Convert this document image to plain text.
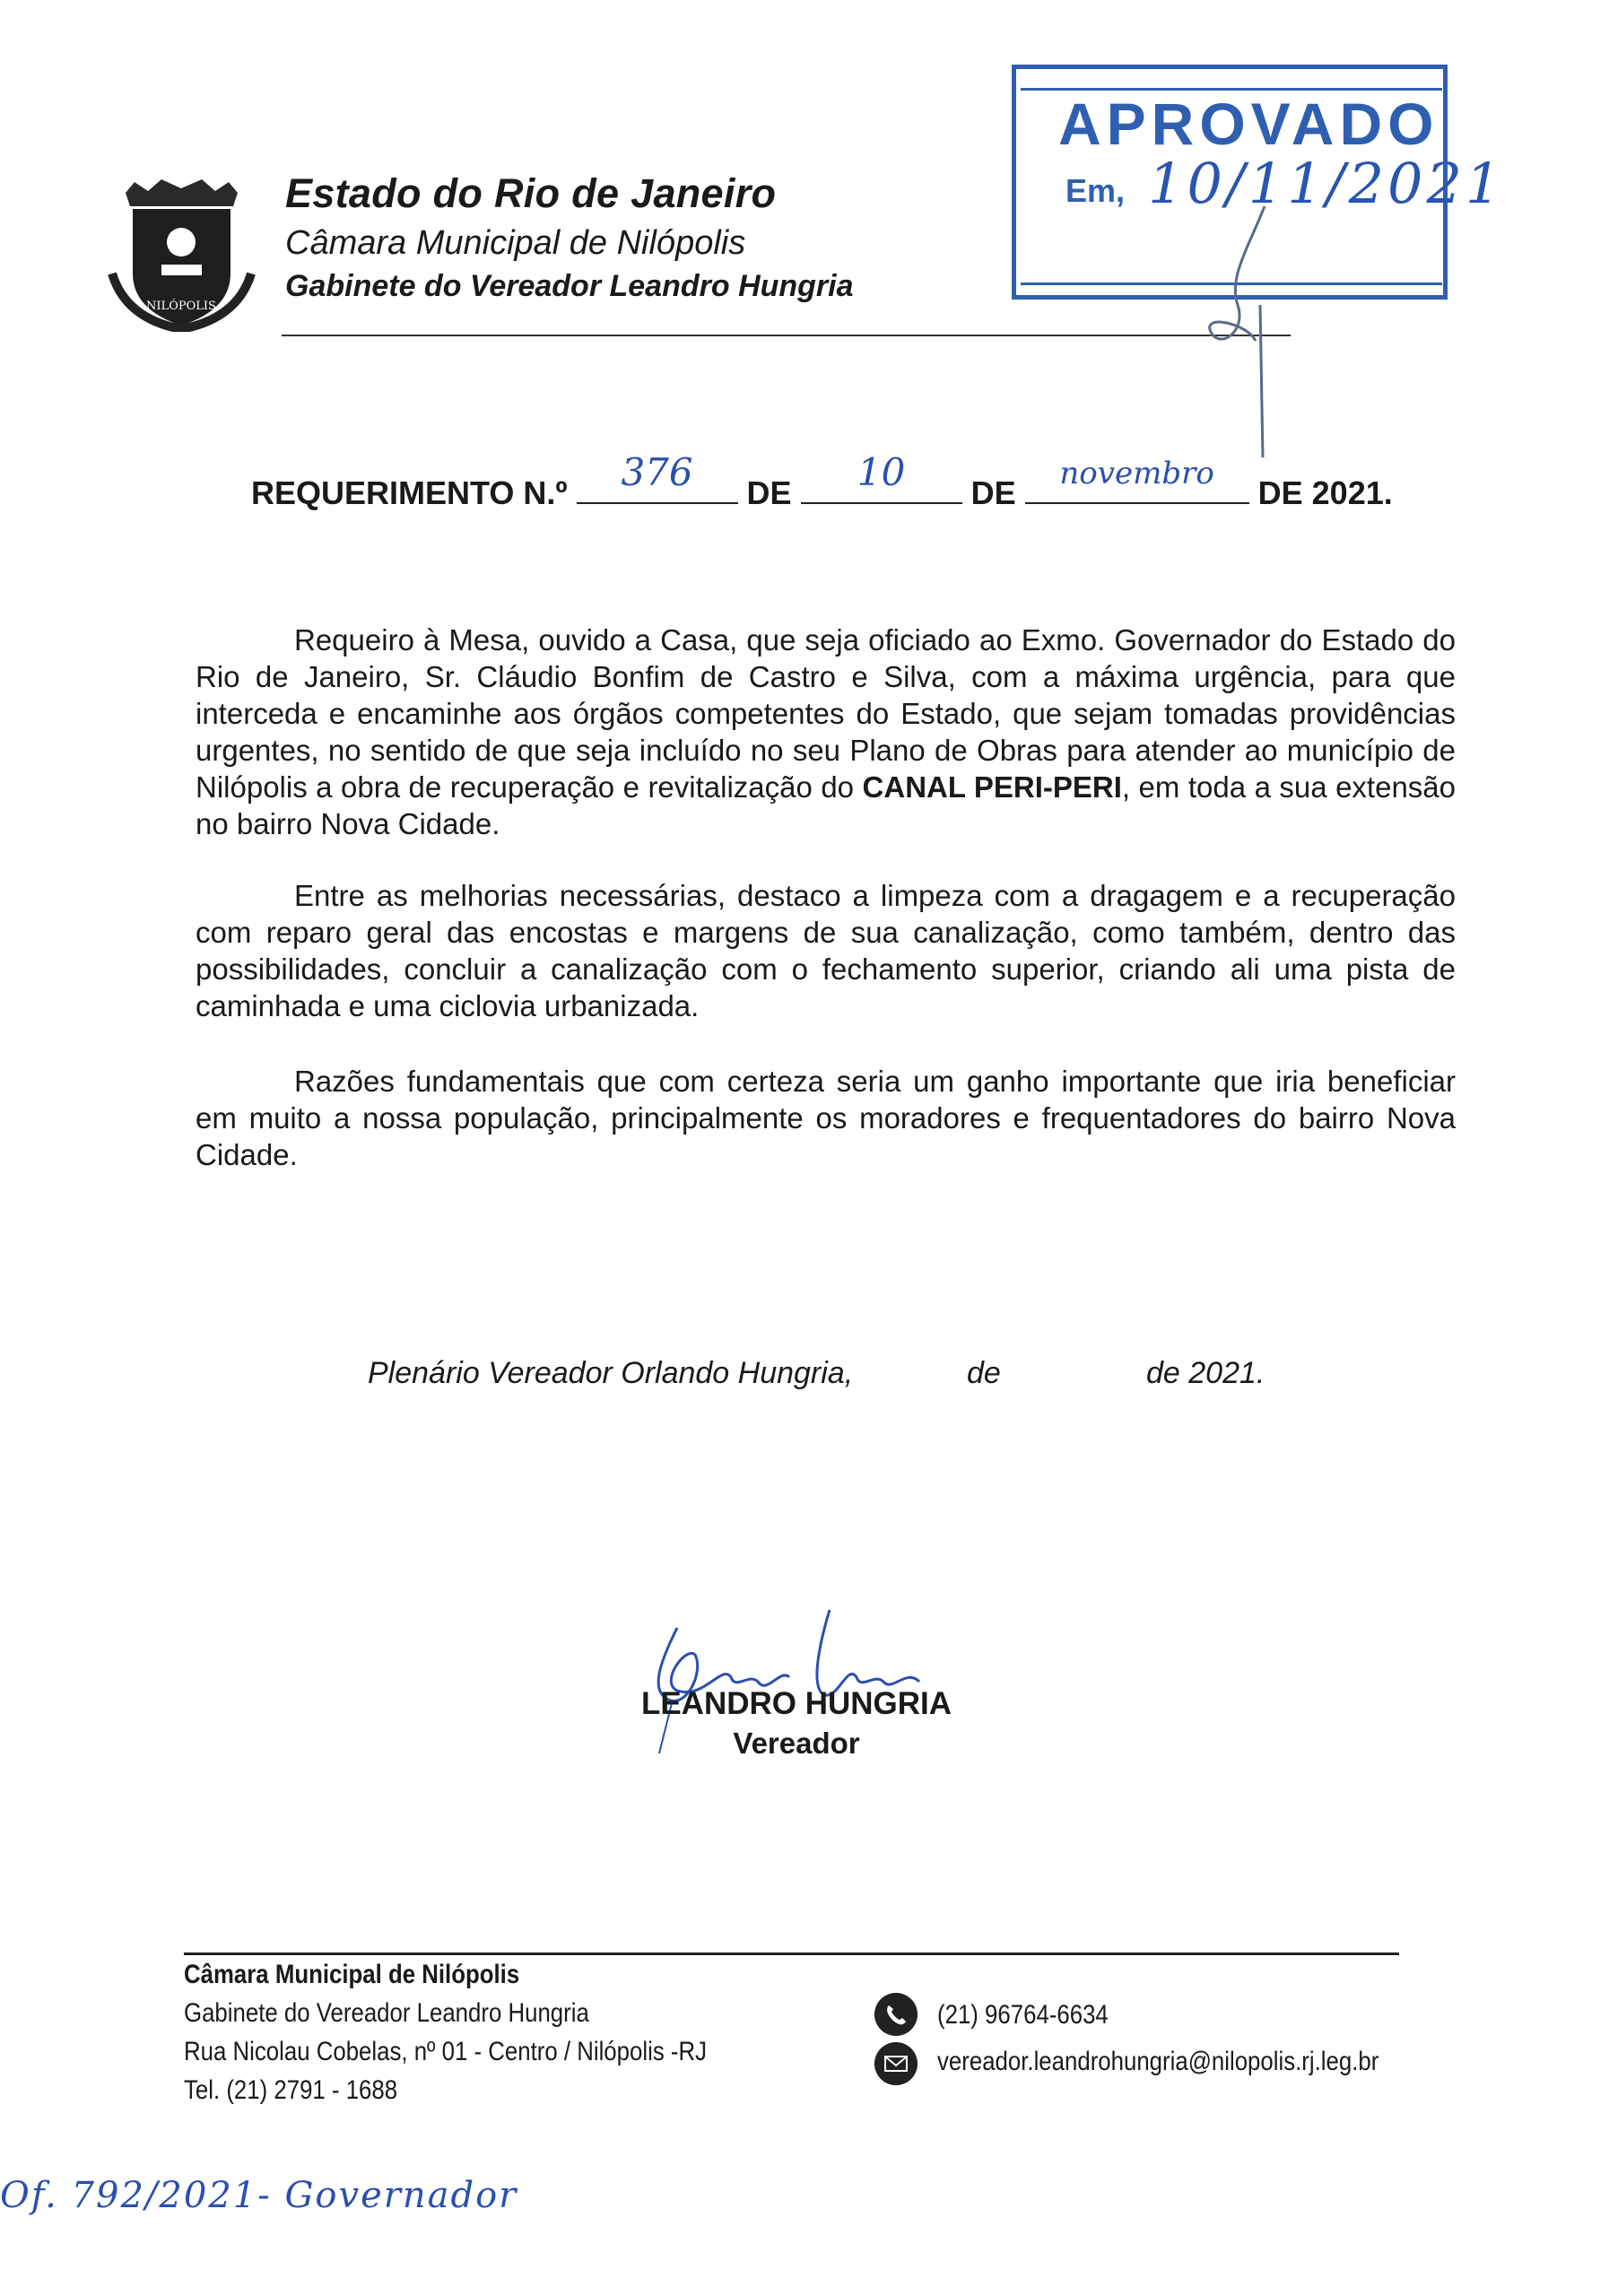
NILÓPOLIS
Estado do Rio de Janeiro
Câmara Municipal de Nilópolis
Gabinete do Vereador Leandro Hungria
APROVADO
Em, 10/11/2021
REQUERIMENTO N.º	376	DE	10	DE
novembro
DE 2021.
Requeiro à Mesa, ouvido a Casa, que seja oficiado ao Exmo. Governador do Estado do Rio de Janeiro, Sr. Cláudio Bonfim de Castro e Silva, com a máxima urgência, para que interceda e encaminhe aos órgãos competentes do Estado, que sejam tomadas providências urgentes, no sentido de que seja incluído no seu Plano de Obras para atender ao município de Nilópolis a obra de recuperação e revitalização do CANAL PERI-PERI, em toda a sua extensão no bairro Nova Cidade.
Entre as melhorias necessárias, destaco a limpeza com a dragagem e a recuperação com reparo geral das encostas e margens de sua canalização, como também, dentro das possibilidades, concluir a canalização com o fechamento superior, criando ali uma pista de caminhada e uma ciclovia urbanizada.
Razões fundamentais que com certeza seria um ganho importante que iria beneficiar em muito a nossa população, principalmente os moradores e frequentadores do bairro Nova Cidade.
Plenário Vereador Orlando Hungria,	de	de 2021.
LEANDRO HUNGRIA
Vereador
Câmara Municipal de Nilópolis
Gabinete do Vereador Leandro Hungria
Rua Nicolau Cobelas, nº 01 - Centro / Nilópolis -RJ
Tel. (21) 2791 - 1688
(21) 96764-6634
vereador.leandrohungria@nilopolis.rj.leg.br
Of. 792/2021- Governador
